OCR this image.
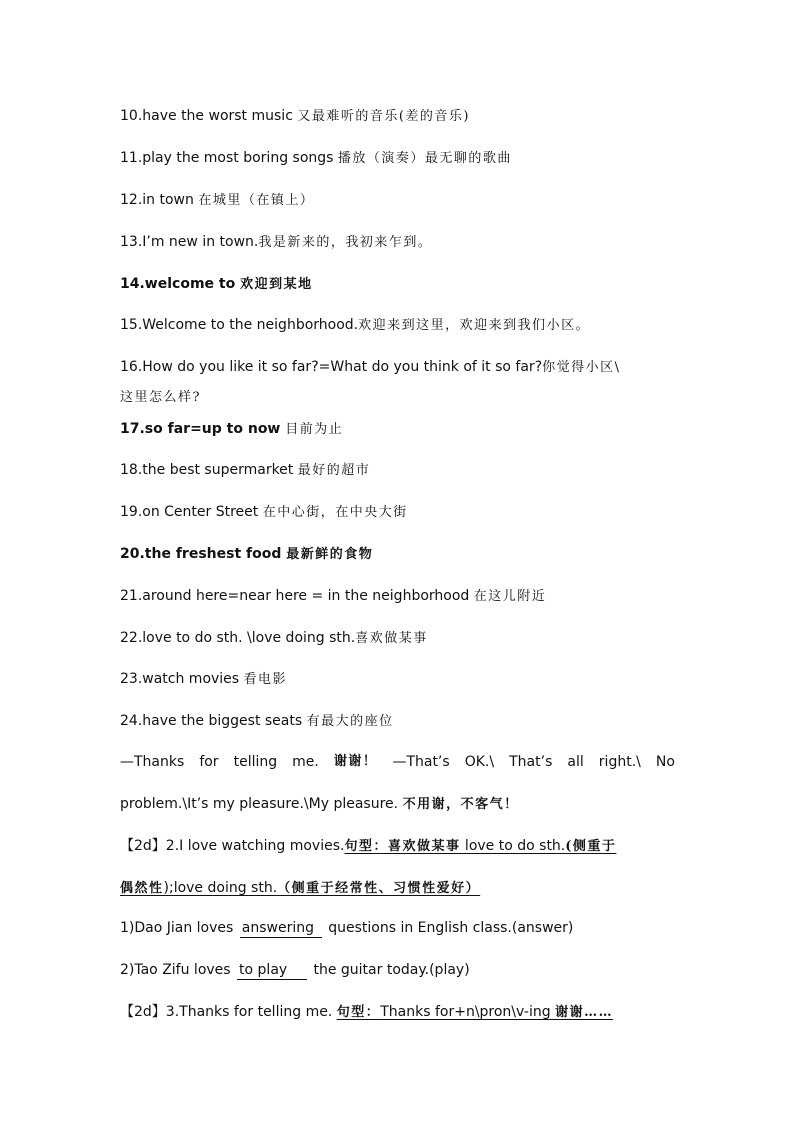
10.have the worst music 又最难听的音乐(差的音乐)
11.play the most boring songs 播放（演奏）最无聊的歌曲
12.in town 在城里（在镇上）
13.I’m new in town.我是新来的，我初来乍到。
14.welcome to 欢迎到某地
15.Welcome to the neighborhood.欢迎来到这里，欢迎来到我们小区。
16.How do you like it so far?=What do you think of it so far?你觉得小区\
这里怎么样?
17.so far=up to now 目前为止
18.the best supermarket 最好的超市
19.on Center Street 在中心街，在中央大街
20.the freshest food 最新鲜的食物
21.around here=near here = in the neighborhood 在这儿附近
22.love to do sth. \love doing sth.喜欢做某事
23.watch movies 看电影
24.have the biggest seats 有最大的座位
—Thanks for telling me. 谢谢！ —That’s OK.\ That’s all right.\ No
problem.\It’s my pleasure.\My pleasure. 不用谢，不客气！
【2d】2.I love watching movies.句型：喜欢做某事 love to do sth.(侧重于
偶然性);love doing sth.（侧重于经常性、习惯性爱好）
1)Dao Jian loves answering questions in English class.(answer)
2)Tao Zifu loves to play the guitar today.(play)
【2d】3.Thanks for telling me. 句型：Thanks for+n\pron\v-ing 谢谢……
